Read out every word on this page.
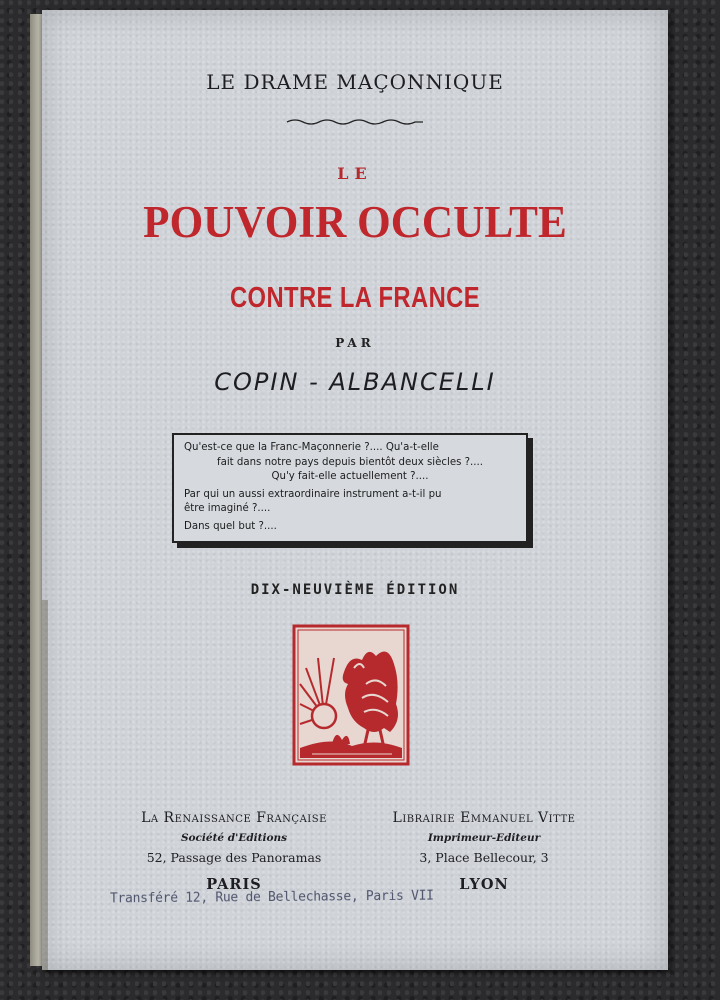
LE DRAME MAÇONNIQUE
LE
POUVOIR OCCULTE
CONTRE LA FRANCE
PAR
COPIN - ALBANCELLI
Qu'est-ce que la Franc-Maçonnerie ?.... Qu'a-t-elle
fait dans notre pays depuis bientôt deux siècles ?....
Qu'y fait-elle actuellement ?....
Par qui un aussi extraordinaire instrument a-t-il pu
être imaginé ?....
Dans quel but ?....
DIX-NEUVIÈME ÉDITION
La Renaissance Française
Société d'Editions
52, Passage des Panoramas
PARIS
Librairie Emmanuel Vitte
Imprimeur-Editeur
3, Place Bellecour, 3
LYON
Transféré 12, Rue de Bellechasse, Paris VII
